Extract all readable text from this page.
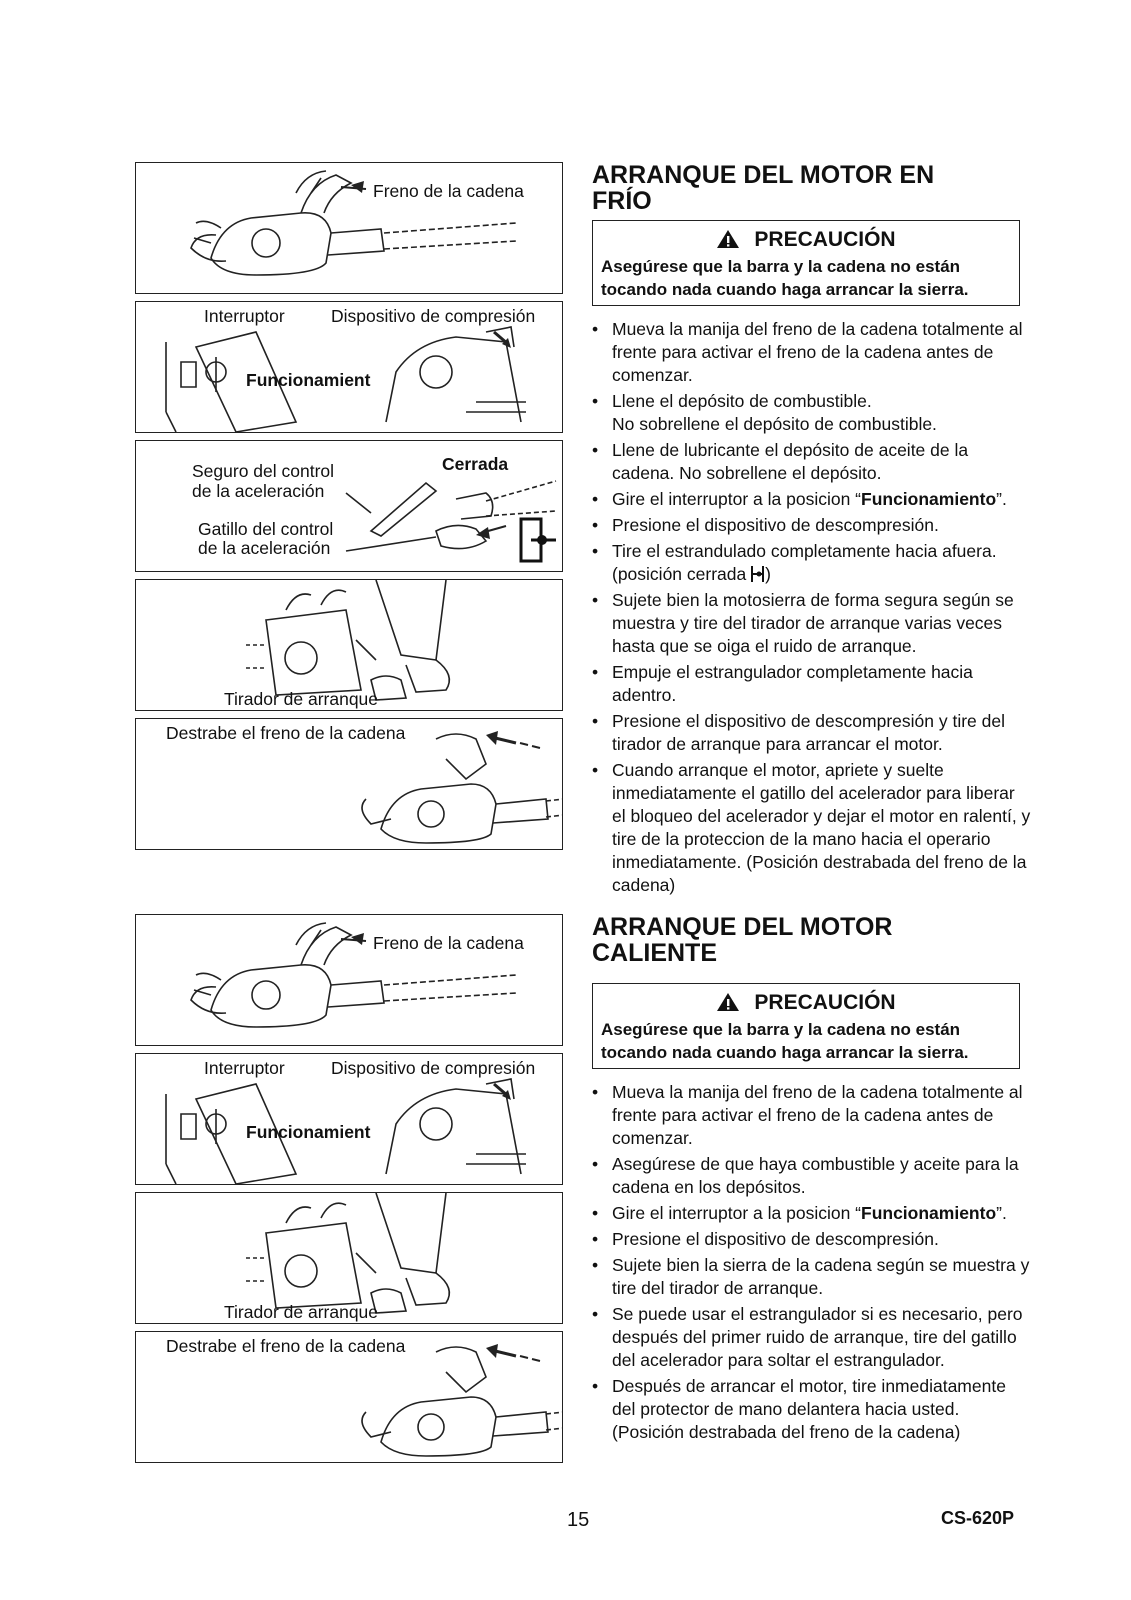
Freno de la cadena
Interruptor	Dispositivo de compresión
Funcionamient
Cerrada
Seguro del control
de la aceleración
Gatillo del control
de la aceleración
Tirador de arranque
Destrabe el freno de la cadena
ARRANQUE DEL MOTOR EN
FRÍO
PRECAUCIÓN
Asegúrese que la barra y la cadena no están tocando nada cuando haga arrancar la sierra.
• Mueva la manija del freno de la cadena totalmente al frente para activar el freno de la cadena antes de comenzar.
• Llene el depósito de combustible.
No sobrellene el depósito de combustible.
• Llene de lubricante el depósito de aceite de la cadena. No sobrellene el depósito.
• Gire el interruptor a la posicion “Funcionamiento”.
• Presione el dispositivo de descompresión.
• Tire el estrandulado completamente hacia afuera. (posición cerrada )
• Sujete bien la motosierra de forma segura según se muestra y tire del tirador de arranque varias veces hasta que se oiga el ruido de arranque.
• Empuje el estrangulador completamente hacia adentro.
• Presione el dispositivo de descompresión y tire del tirador de arranque para arrancar el motor.
• Cuando arranque el motor, apriete y suelte inmediatamente el gatillo del acelerador para liberar el bloqueo del acelerador y dejar el motor en ralentí, y tire de la proteccion de la mano hacia el operario inmediatamente. (Posición destrabada del freno de la cadena)
Freno de la cadena
Interruptor	Dispositivo de compresión
Funcionamient
Tirador de arranque
Destrabe el freno de la cadena
ARRANQUE DEL MOTOR
CALIENTE
PRECAUCIÓN
Asegúrese que la barra y la cadena no están tocando nada cuando haga arrancar la sierra.
• Mueva la manija del freno de la cadena totalmente al frente para activar el freno de la cadena antes de comenzar.
• Asegúrese de que haya combustible y aceite para la cadena en los depósitos.
• Gire el interruptor a la posicion “Funcionamiento”.
• Presione el dispositivo de descompresión.
• Sujete bien la sierra de la cadena según se muestra y tire del tirador de arranque.
• Se puede usar el estrangulador si es necesario, pero después del primer ruido de arranque, tire del gatillo del acelerador para soltar el estrangulador.
• Después de arrancar el motor, tire inmediatamente del protector de mano delantera hacia usted. (Posición destrabada del freno de la cadena)
15	CS-620P
